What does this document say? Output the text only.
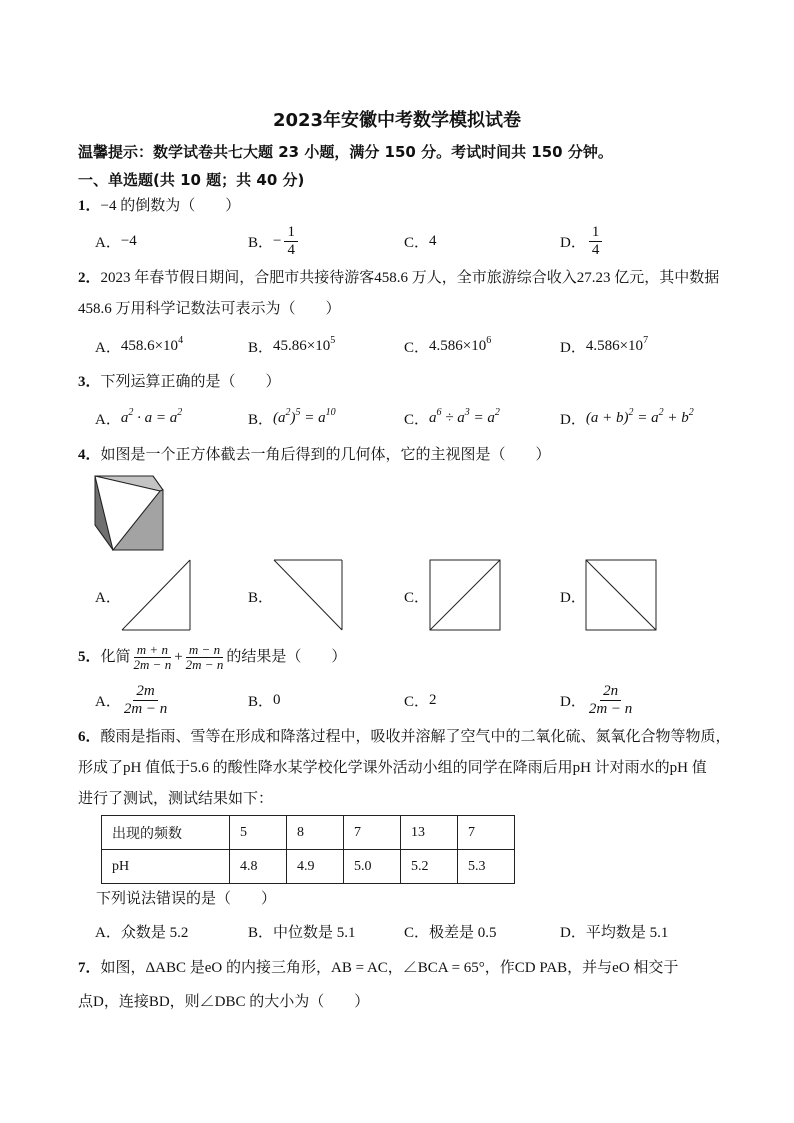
2023年安徽中考数学模拟试卷
温馨提示：数学试卷共七大题 23 小题，满分 150 分。考试时间共 150 分钟。
一、单选题(共 10 题；共 40 分)
1．−4 的倒数为（　　）
A． −4	B． − $\frac{1}{4}$	C． 4	D． $\frac{1}{4}$
2．2023 年春节假日期间，合肥市共接待游客458.6 万人，全市旅游综合收入27.23 亿元，其中数据
458.6 万用科学记数法可表示为（　　）
A． $458.6\times 10^4$	B． $45.86\times 10^5$	C． $4.586\times 10^6$	D． $4.586\times 10^7$
3．下列运算正确的是（　　）
A． $a^2 \cdot a = a^2$	B． $(a^2)^5 = a^{10}$	C． $a^6 \div a^3 = a^2$	D． $(a + b)^2 = a^2 + b^2$
4．如图是一个正方体截去一角后得到的几何体，它的主视图是（　　）
A．	B．	C．	D．
5． 化简 $\frac{m + n}{2m - n} + \frac{m - n}{2m - n}$ 的结果是（　　）
A． $\frac{2m}{2m - n}$	B． 0	C． 2	D． $\frac{2n}{2m - n}$
6．酸雨是指雨、雪等在形成和降落过程中，吸收并溶解了空气中的二氧化硫、氮氧化合物等物质，
形成了pH 值低于5.6 的酸性降水某学校化学课外活动小组的同学在降雨后用pH 计对雨水的pH 值
进行了测试，测试结果如下：
出现的频数	5	8	7	13	7
pH	4.8	4.9	5.0	5.2	5.3
下列说法错误的是（　　）
A． 众数是 5.2	B． 中位数是 5.1	C． 极差是 0.5	D． 平均数是 5.1
7．如图，ΔABC 是eO 的内接三角形，AB = AC，∠BCA = 65°，作CD PAB，并与eO 相交于
点D，连接BD，则∠DBC 的大小为（　　）
